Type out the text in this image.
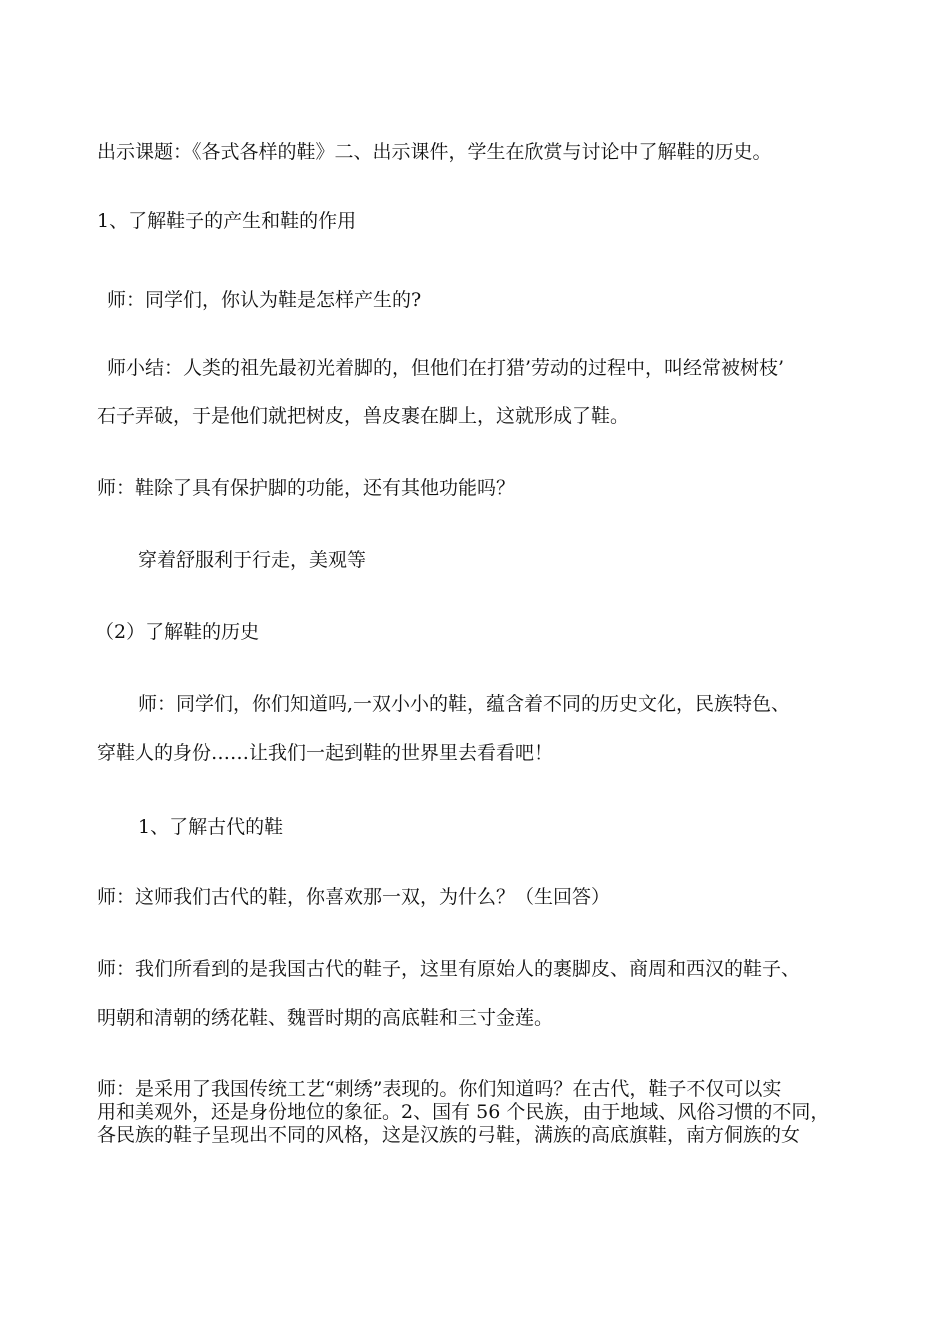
出示课题：《各式各样的鞋》二、出示课件，学生在欣赏与讨论中了解鞋的历史。

1、了解鞋子的产生和鞋的作用

师：同学们，你认为鞋是怎样产生的?

师小结：人类的祖先最初光着脚的，但他们在打猎’劳动的过程中，叫经常被树枝’

石子弄破，于是他们就把树皮，兽皮裹在脚上，这就形成了鞋。

师：鞋除了具有保护脚的功能，还有其他功能吗？

穿着舒服利于行走，美观等

（2）了解鞋的历史

师：同学们，你们知道吗,一双小小的鞋，蕴含着不同的历史文化，民族特色、

穿鞋人的身份……让我们一起到鞋的世界里去看看吧！

1、了解古代的鞋

师：这师我们古代的鞋，你喜欢那一双，为什么？（生回答）

师：我们所看到的是我国古代的鞋子，这里有原始人的裹脚皮、商周和西汉的鞋子、

明朝和清朝的绣花鞋、魏晋时期的高底鞋和三寸金莲。

师：是采用了我国传统工艺“刺绣”表现的。你们知道吗？在古代，鞋子不仅可以实

用和美观外，还是身份地位的象征。2、国有 56 个民族，由于地域、风俗习惯的不同，

各民族的鞋子呈现出不同的风格，这是汉族的弓鞋，满族的高底旗鞋，南方侗族的女
